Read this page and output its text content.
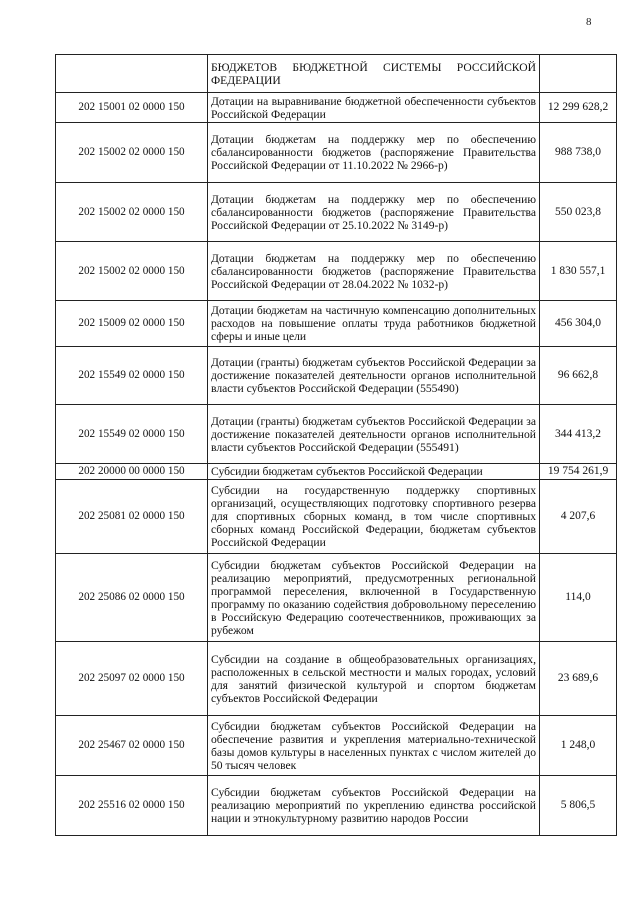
8
	БЮДЖЕТОВ БЮДЖЕТНОЙ СИСТЕМЫ РОССИЙСКОЙ ФЕДЕРАЦИИ	
202 15001 02 0000 150	Дотации на выравнивание бюджетной обеспеченности субъектов Российской Федерации	12 299 628,2
202 15002 02 0000 150	Дотации бюджетам на поддержку мер по обеспечению сбалансированности бюджетов (распоряжение Правительства Российской Федерации от 11.10.2022 № 2966-р)	988 738,0
202 15002 02 0000 150	Дотации бюджетам на поддержку мер по обеспечению сбалансированности бюджетов (распоряжение Правительства Российской Федерации от 25.10.2022 № 3149-р)	550 023,8
202 15002 02 0000 150	Дотации бюджетам на поддержку мер по обеспечению сбалансированности бюджетов (распоряжение Правительства Российской Федерации от 28.04.2022 № 1032-р)	1 830 557,1
202 15009 02 0000 150	Дотации бюджетам на частичную компенсацию дополнительных расходов на повышение оплаты труда работников бюджетной сферы и иные цели	456 304,0
202 15549 02 0000 150	Дотации (гранты) бюджетам субъектов Российской Федерации за достижение показателей деятельности органов исполнительной власти субъектов Российской Федерации (555490)	96 662,8
202 15549 02 0000 150	Дотации (гранты) бюджетам субъектов Российской Федерации за достижение показателей деятельности органов исполнительной власти субъектов Российской Федерации (555491)	344 413,2
202 20000 00 0000 150	Субсидии бюджетам субъектов Российской Федерации	19 754 261,9
202 25081 02 0000 150	Субсидии на государственную поддержку спортивных организаций, осуществляющих подготовку спортивного резерва для спортивных сборных команд, в том числе спортивных сборных команд Российской Федерации, бюджетам субъектов Российской Федерации	4 207,6
202 25086 02 0000 150	Субсидии бюджетам субъектов Российской Федерации на реализацию мероприятий, предусмотренных региональной программой переселения, включенной в Государственную программу по оказанию содействия добровольному переселению в Российскую Федерацию соотечественников, проживающих за рубежом	114,0
202 25097 02 0000 150	Субсидии на создание в общеобразовательных организациях, расположенных в сельской местности и малых городах, условий для занятий физической культурой и спортом бюджетам субъектов Российской Федерации	23 689,6
202 25467 02 0000 150	Субсидии бюджетам субъектов Российской Федерации на обеспечение развития и укрепления материально-технической базы домов культуры в населенных пунктах с числом жителей до 50 тысяч человек	1 248,0
202 25516 02 0000 150	Субсидии бюджетам субъектов Российской Федерации на реализацию мероприятий по укреплению единства российской нации и этнокультурному развитию народов России	5 806,5
